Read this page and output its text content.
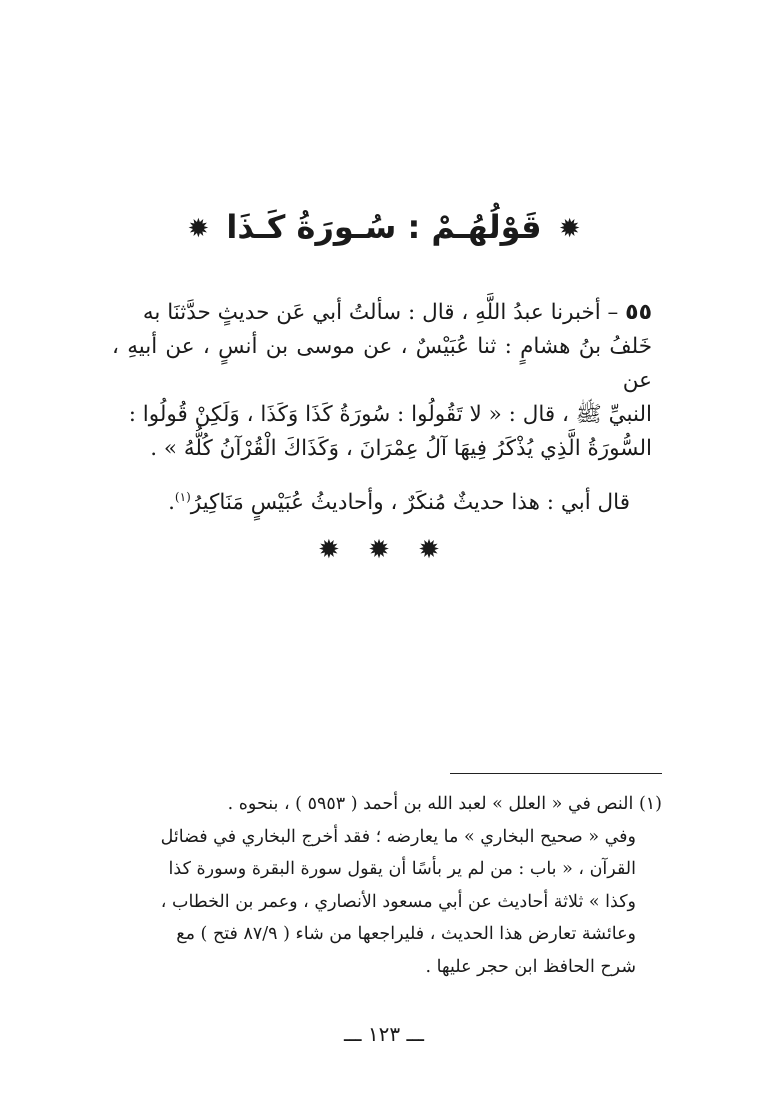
✹ قَوْلُهُـمْ : سُـورَةُ كَـذَا ✹

٥٥ – أخبرنا عبدُ اللَّهِ ، قال : سألتُ أبي عَن حديثٍ حدَّثنَا به

خَلفُ بنُ هشامٍ : ثنا عُبَيْسٌ ، عن موسى بن أنسٍ ، عن أبيهِ ، عن

النبيِّ ﷺ ، قال : « لا تَقُولُوا : سُورَةُ كَذَا وَكَذَا ، وَلَكِنْ قُولُوا :

السُّورَةُ الَّذِي يُذْكَرُ فِيهَا آلُ عِمْرَانَ ، وَكَذَاكَ الْقُرْآنُ كُلُّهُ » .

قال أبي : هذا حديثٌ مُنكَرٌ ، وأحاديثُ عُبَيْسٍ مَنَاكِيرُ$^{(١)}$.

✹ ✹ ✹

(١) النص في « العلل » لعبد الله بن أحمد ( ٥٩٥٣ ) ، بنحوه .

وفي « صحيح البخاري » ما يعارضه ؛ فقد أخرج البخاري في فضائل

القرآن ، « باب : من لم ير بأسًا أن يقول سورة البقرة وسورة كذا

وكذا » ثلاثة أحاديث عن أبي مسعود الأنصاري ، وعمر بن الخطاب ،

وعائشة تعارض هذا الحديث ، فليراجعها من شاء ( ٨٧/٩ فتح ) مع

شرح الحافظ ابن حجر عليها .

ـــ ١٢٣ ـــ
